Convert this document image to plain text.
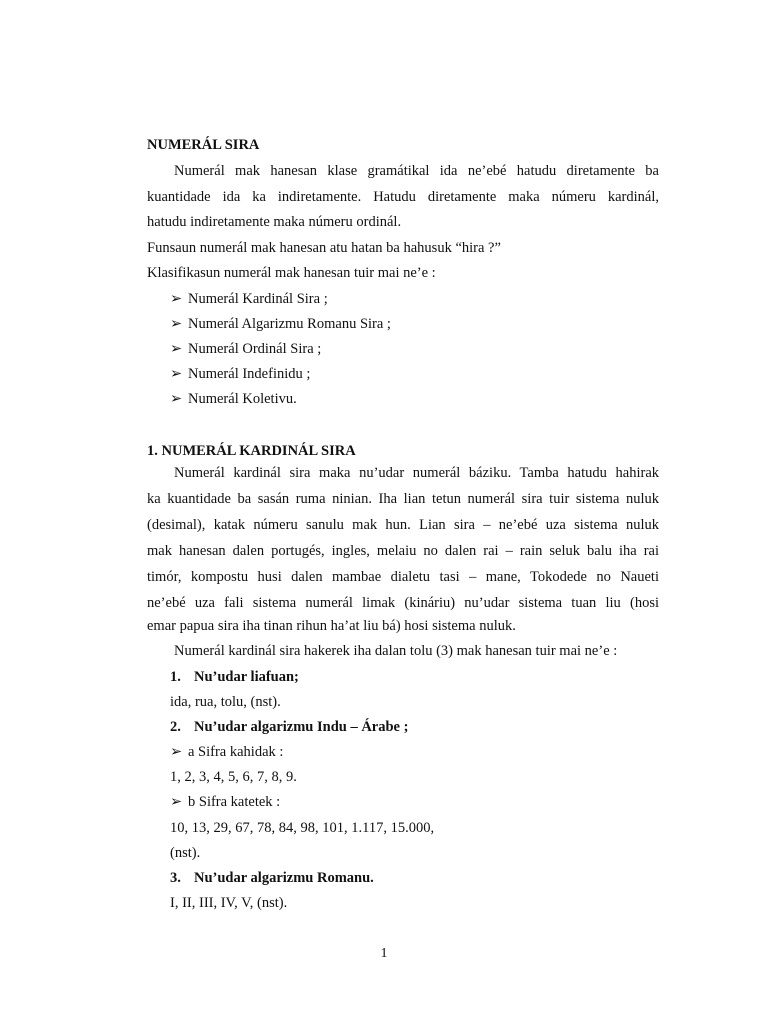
NUMERÁL SIRA
Numerál mak hanesan klase gramátikal ida ne’ebé hatudu diretamente ba
kuantidade ida ka indiretamente. Hatudu diretamente maka númeru kardinál,
hatudu indiretamente maka númeru ordinál.
Funsaun numerál mak hanesan atu hatan ba hahusuk “hira ?”
Klasifikasun numerál mak hanesan tuir mai ne’e :
➢ Numerál Kardinál Sira ;
➢ Numerál Algarizmu Romanu Sira ;
➢ Numerál Ordinál Sira ;
➢ Numerál Indefinidu ;
➢ Numerál Koletivu.
1. NUMERÁL KARDINÁL SIRA
Numerál kardinál sira maka nu’udar numerál báziku. Tamba hatudu hahirak
ka kuantidade ba sasán ruma ninian. Iha lian tetun numerál sira tuir sistema nuluk
(desimal), katak númeru sanulu mak hun. Lian sira – ne’ebé uza sistema nuluk
mak hanesan dalen portugés, ingles, melaiu no dalen rai – rain seluk balu iha rai
timór, kompostu husi dalen mambae dialetu tasi – mane, Tokodede no Naueti
ne’ebé uza fali sistema numerál limak (kináriu) nu’udar sistema tuan liu (hosi
emar papua sira iha tinan rihun ha’at liu bá) hosi sistema nuluk.
Numerál kardinál sira hakerek iha dalan tolu (3) mak hanesan tuir mai ne’e :
1. Nu’udar liafuan;
ida, rua, tolu, (nst).
2. Nu’udar algarizmu Indu – Árabe ;
➢ a Sifra kahidak :
1, 2, 3, 4, 5, 6, 7, 8, 9.
➢ b Sifra katetek :
10, 13, 29, 67, 78, 84, 98, 101, 1.117, 15.000,
(nst).
3. Nu’udar algarizmu Romanu.
I, II, III, IV, V, (nst).
1
